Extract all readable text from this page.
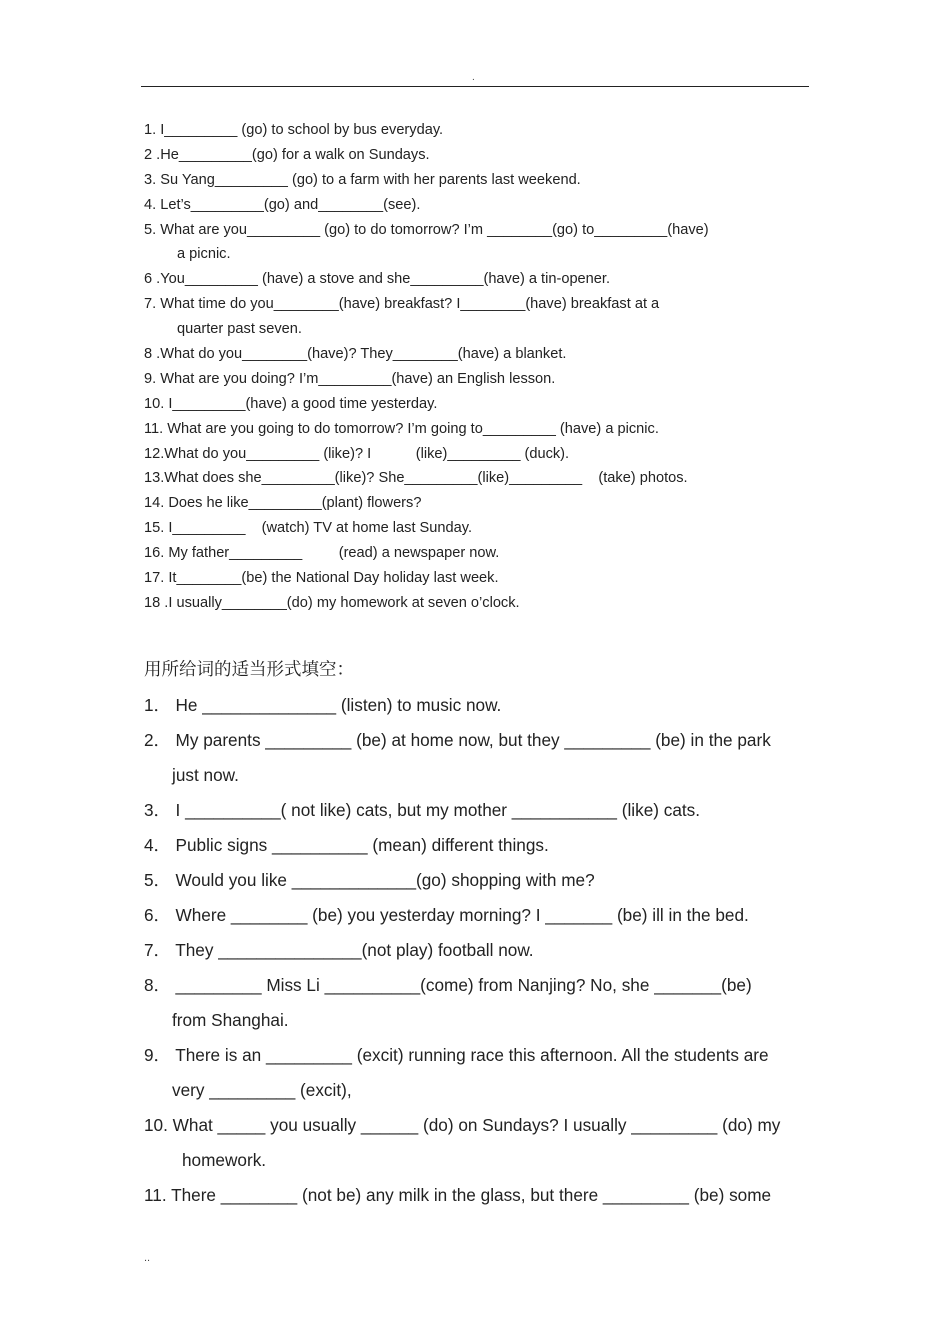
.
1. I_________ (go) to school by bus everyday.
2 .He_________(go) for a walk on Sundays.
3. Su Yang_________ (go) to a farm with her parents last weekend.
4. Let’s_________(go) and________(see).
5. What are you_________ (go) to do tomorrow? I’m ________(go) to_________(have)
a picnic.
6 .You_________ (have) a stove and she_________(have) a tin-opener.
7. What time do you________(have) breakfast? I________(have) breakfast at a
quarter past seven.
8 .What do you________(have)? They________(have) a blanket.
9. What are you doing? I’m_________(have) an English lesson.
10. I_________(have) a good time yesterday.
11. What are you going to do tomorrow? I’m going to_________ (have) a picnic.
12.What do you_________ (like)? I           (like)_________ (duck).
13.What does she_________(like)? She_________(like)_________    (take) photos.
14. Does he like_________(plant) flowers?
15. I_________    (watch) TV at home last Sunday.
16. My father_________         (read) a newspaper now.
17. It________(be) the National Day holiday last week.
18 .I usually________(do) my homework at seven o’clock.
用所给词的适当形式填空：
1． He ______________ (listen) to music now.
2． My parents _________ (be) at home now, but they _________ (be) in the park
just now.
3． I __________( not like) cats, but my mother ___________ (like) cats.
4． Public signs __________ (mean) different things.
5． Would you like _____________(go) shopping with me?
6． Where ________ (be) you yesterday morning? I _______ (be) ill in the bed.
7． They _______________(not play) football now.
8． _________ Miss Li __________(come) from Nanjing? No, she _______(be)
from Shanghai.
9． There is an _________ (excit) running race this afternoon. All the students are
very _________ (excit),
10. What _____ you usually ______ (do) on Sundays? I usually _________ (do) my
homework.
11. There ________ (not be) any milk in the glass, but there _________ (be) some
..
